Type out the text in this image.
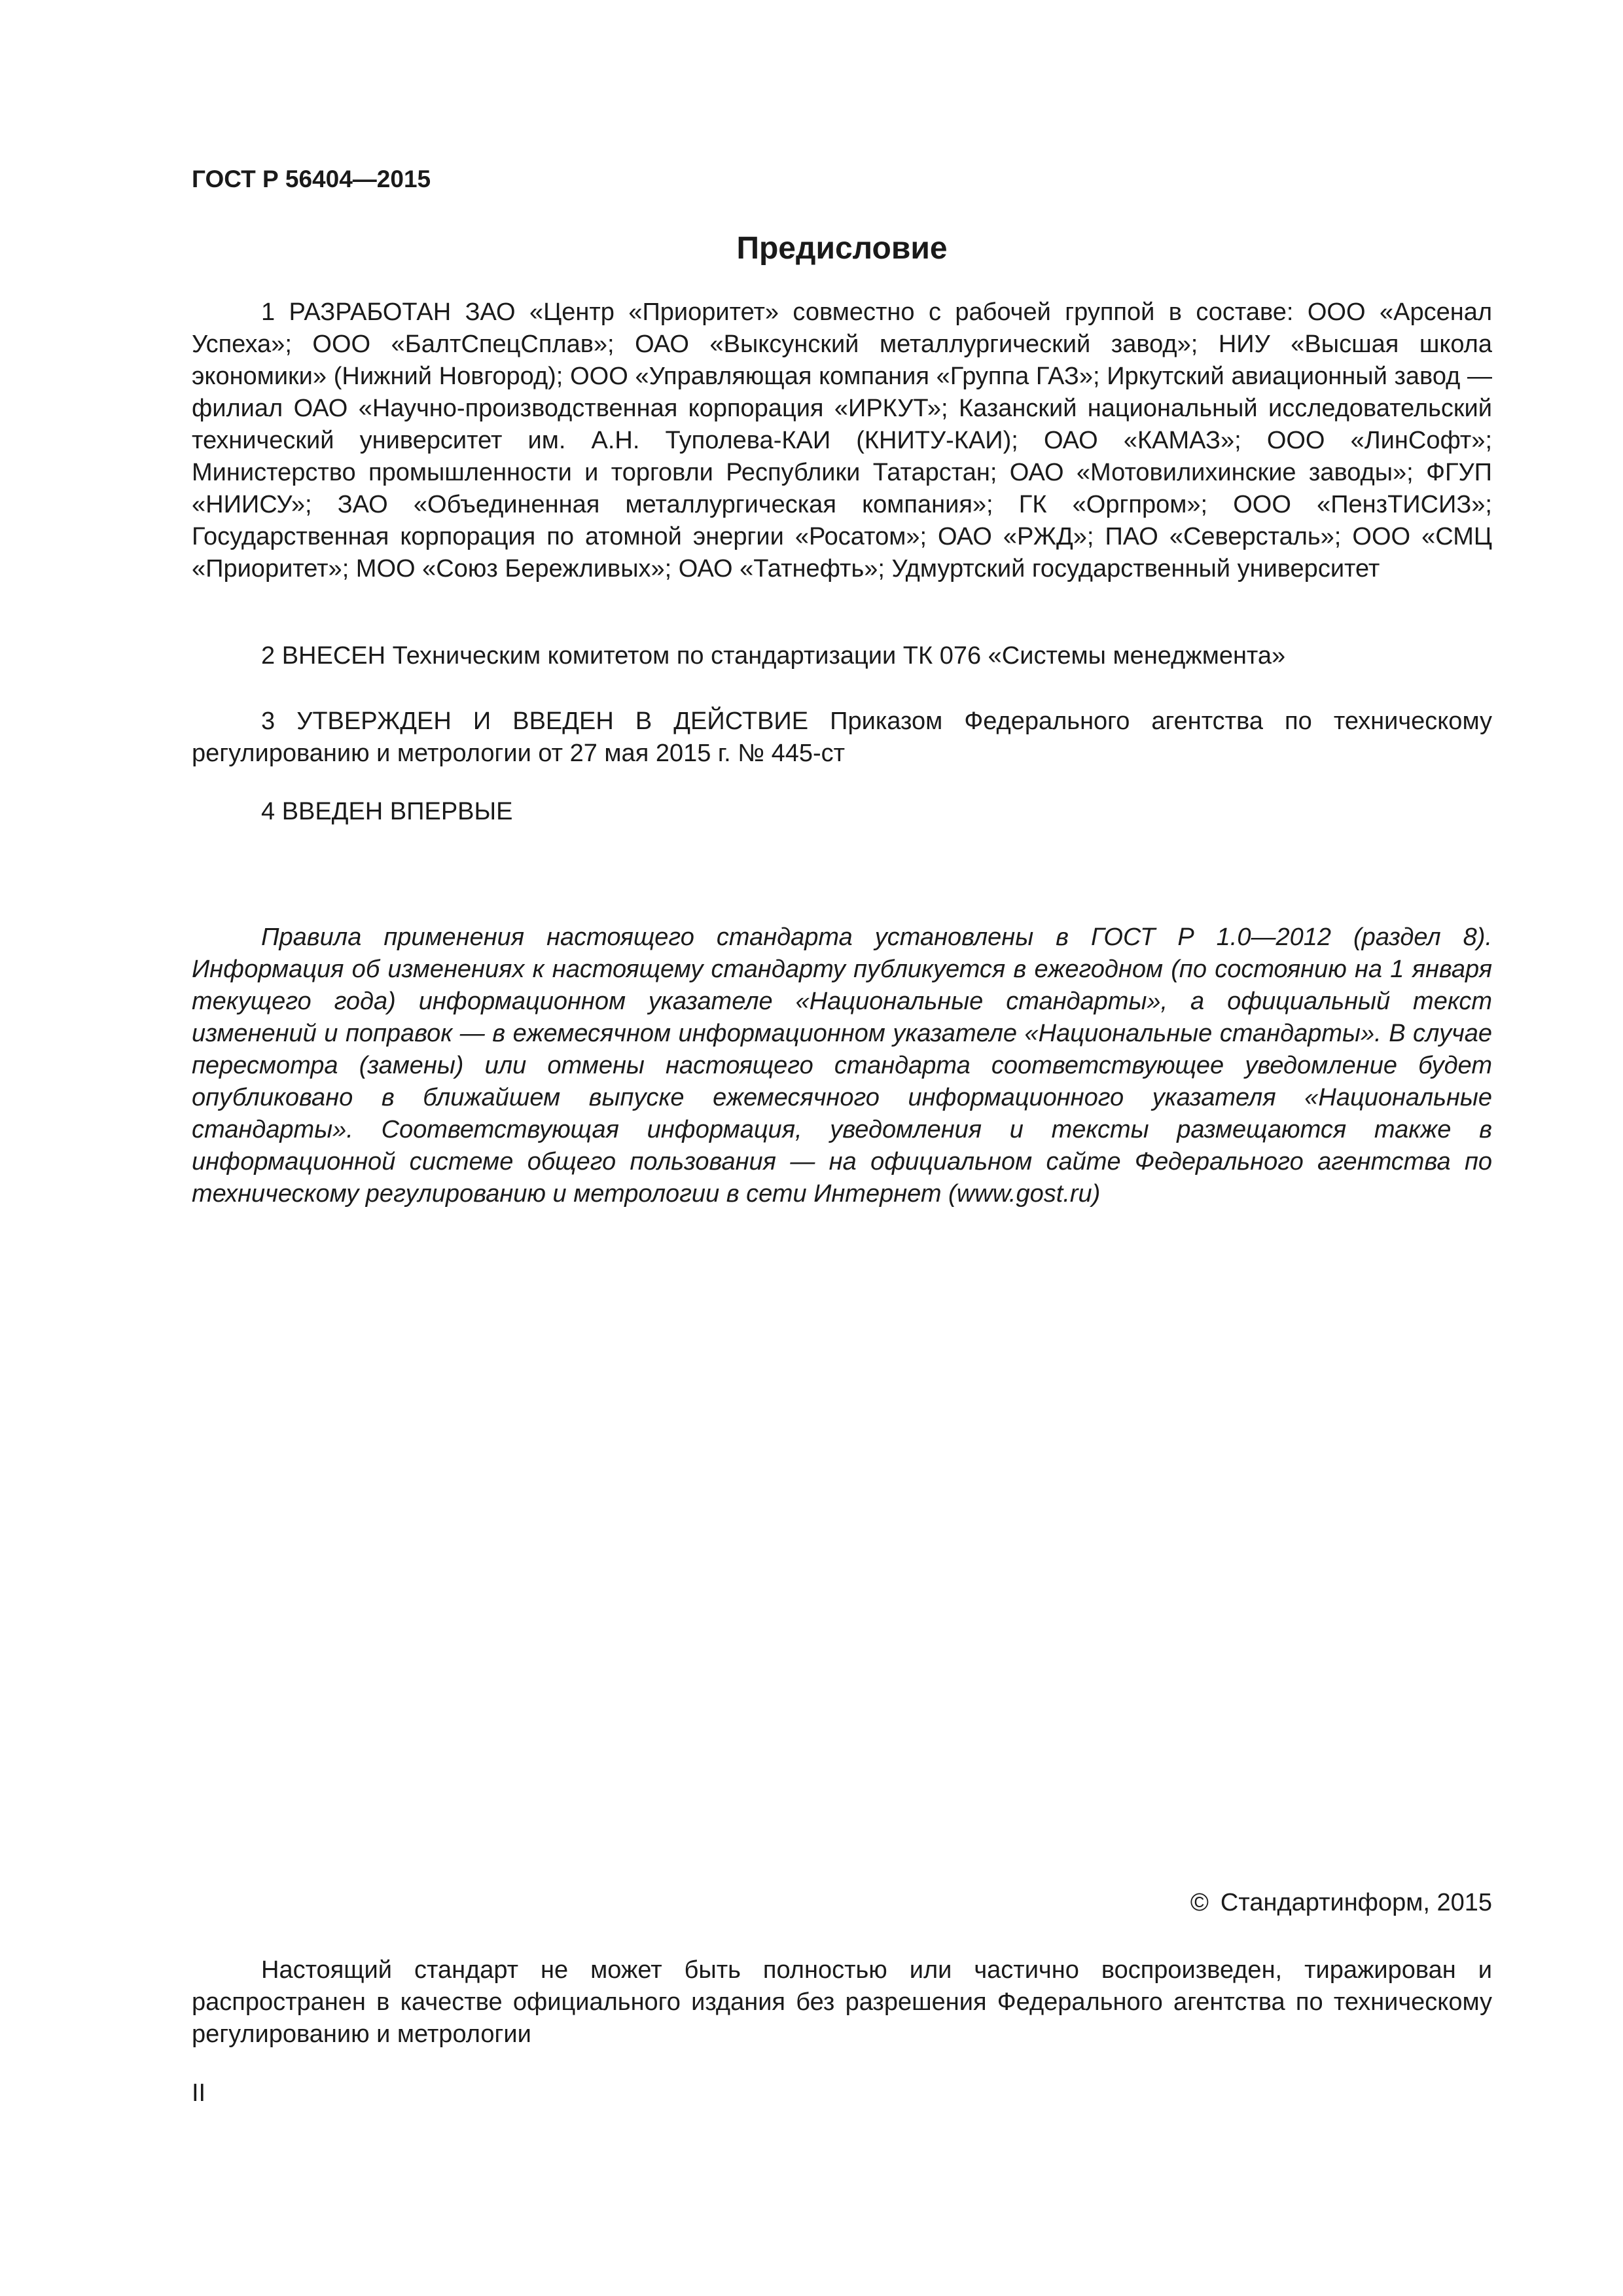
ГОСТ Р 56404—2015
Предисловие

1 РАЗРАБОТАН ЗАО «Центр «Приоритет» совместно с рабочей группой в составе: ООО «Арсенал Успеха»; ООО «БалтСпецСплав»; ОАО «Выксунский металлургический завод»; НИУ «Высшая школа экономики» (Нижний Новгород); ООО «Управляющая компания «Группа ГАЗ»; Иркутский авиационный завод — филиал ОАО «Научно-производственная корпорация «ИРКУТ»; Казанский национальный исследовательский технический университет им. А.Н. Туполева-КАИ (КНИТУ-КАИ); ОАО «КАМАЗ»; ООО «ЛинСофт»; Министерство промышленности и торговли Республики Татарстан; ОАО «Мотовилихинские заводы»; ФГУП «НИИСУ»; ЗАО «Объединенная металлургическая компания»; ГК «Оргпром»; ООО «ПензТИСИЗ»; Государственная корпорация по атомной энергии «Росатом»; ОАО «РЖД»; ПАО «Северсталь»; ООО «СМЦ «Приоритет»; МОО «Союз Бережливых»; ОАО «Татнефть»; Удмуртский государственный университет

2 ВНЕСЕН Техническим комитетом по стандартизации ТК 076 «Системы менеджмента»

3 УТВЕРЖДЕН И ВВЕДЕН В ДЕЙСТВИЕ Приказом Федерального агентства по техническому регулированию и метрологии от 27 мая 2015 г. № 445-ст

4 ВВЕДЕН ВПЕРВЫЕ

Правила применения настоящего стандарта установлены в ГОСТ Р 1.0—2012 (раздел 8). Информация об изменениях к настоящему стандарту публикуется в ежегодном (по состоянию на 1 января текущего года) информационном указателе «Национальные стандарты», а официальный текст изменений и поправок — в ежемесячном информационном указателе «Национальные стандарты». В случае пересмотра (замены) или отмены настоящего стандарта соответствующее уведомление будет опубликовано в ближайшем выпуске ежемесячного информационного указателя «Национальные стандарты». Соответствующая информация, уведомления и тексты размещаются также в информационной системе общего пользования — на официальном сайте Федерального агентства по техническому регулированию и метрологии в сети Интернет (www.gost.ru)

© Стандартинформ, 2015

Настоящий стандарт не может быть полностью или частично воспроизведен, тиражирован и распространен в качестве официального издания без разрешения Федерального агентства по техническому регулированию и метрологии

II
